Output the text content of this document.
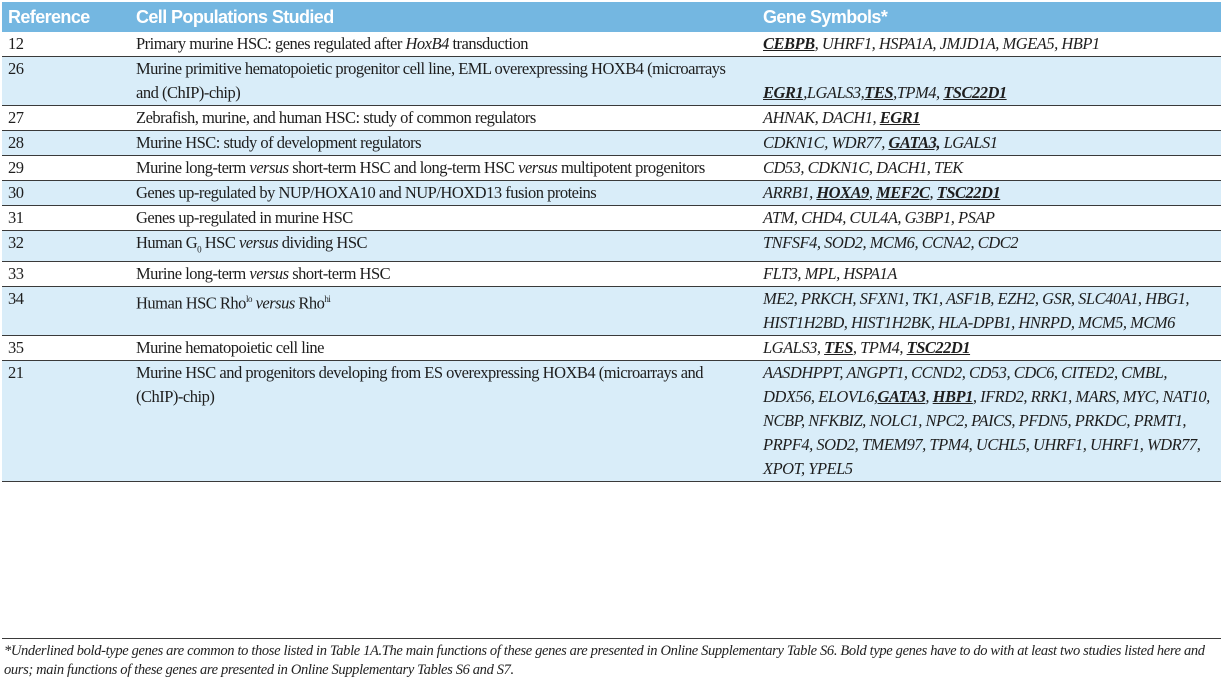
Reference	Cell Populations Studied	Gene Symbols*
12	Primary murine HSC: genes regulated after HoxB4 transduction	CEBPB, UHRF1, HSPA1A, JMJD1A, MGEA5, HBP1
26	Murine primitive hematopoietic progenitor cell line, EML overexpressing HOXB4 (microarrays and (ChIP)-chip)	EGR1,LGALS3,TES,TPM4, TSC22D1
27	Zebrafish, murine, and human HSC: study of common regulators	AHNAK, DACH1, EGR1
28	Murine HSC: study of development regulators	CDKN1C, WDR77, GATA3, LGALS1
29	Murine long-term versus short-term HSC and long-term HSC versus multipotent progenitors	CD53, CDKN1C, DACH1, TEK
30	Genes up-regulated by NUP/HOXA10 and NUP/HOXD13 fusion proteins	ARRB1, HOXA9, MEF2C, TSC22D1
31	Genes up-regulated in murine HSC	ATM, CHD4, CUL4A, G3BP1, PSAP
32	Human $G_0$ HSC versus dividing HSC	TNFSF4, SOD2, MCM6, CCNA2, CDC2
33	Murine long-term versus short-term HSC	FLT3, MPL, HSPA1A
34	Human HSC Rho$^{lo}$ versus Rho$^{hi}$	ME2, PRKCH, SFXN1, TK1, ASF1B, EZH2, GSR, SLC40A1, HBG1, HIST1H2BD, HIST1H2BK, HLA-DPB1, HNRPD, MCM5, MCM6
35	Murine hematopoietic cell line	LGALS3, TES, TPM4, TSC22D1
21	Murine HSC and progenitors developing from ES overexpressing HOXB4 (microarrays and (ChIP)-chip)	AASDHPPT, ANGPT1, CCND2, CD53, CDC6, CITED2, CMBL, DDX56, ELOVL6,GATA3, HBP1, IFRD2, RRK1, MARS, MYC, NAT10, NCBP, NFKBIZ, NOLC1, NPC2, PAICS, PFDN5, PRKDC, PRMT1, PRPF4, SOD2, TMEM97, TPM4, UCHL5, UHRF1, UHRF1, WDR77, XPOT, YPEL5
*Underlined bold-type genes are common to those listed in Table 1A.The main functions of these genes are presented in Online Supplementary Table S6. Bold type genes have to do with at least two studies listed here and ours; main functions of these genes are presented in Online Supplementary Tables S6 and S7.
